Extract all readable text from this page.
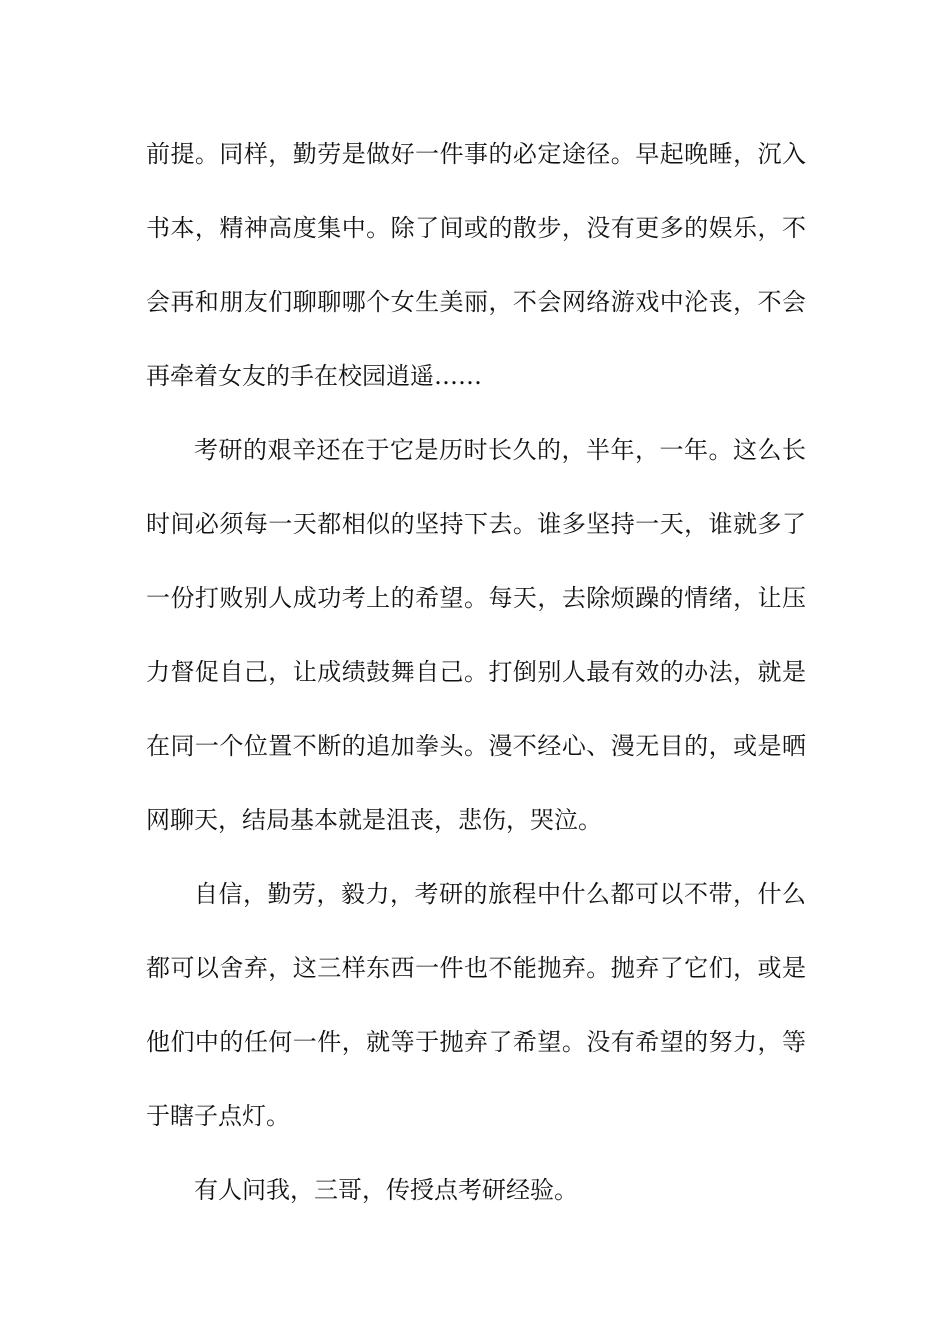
前提。同样，勤劳是做好一件事的必定途径。早起晚睡，沉入
书本，精神高度集中。除了间或的散步，没有更多的娱乐，不
会再和朋友们聊聊哪个女生美丽，不会网络游戏中沦丧，不会
再牵着女友的手在校园逍遥……
考研的艰辛还在于它是历时长久的，半年，一年。这么长
时间必须每一天都相似的坚持下去。谁多坚持一天，谁就多了
一份打败别人成功考上的希望。每天，去除烦躁的情绪，让压
力督促自己，让成绩鼓舞自己。打倒别人最有效的办法，就是
在同一个位置不断的追加拳头。漫不经心、漫无目的，或是晒
网聊天，结局基本就是沮丧，悲伤，哭泣。
自信，勤劳，毅力，考研的旅程中什么都可以不带，什么
都可以舍弃，这三样东西一件也不能抛弃。抛弃了它们，或是
他们中的任何一件，就等于抛弃了希望。没有希望的努力，等
于瞎子点灯。
有人问我，三哥，传授点考研经验。
